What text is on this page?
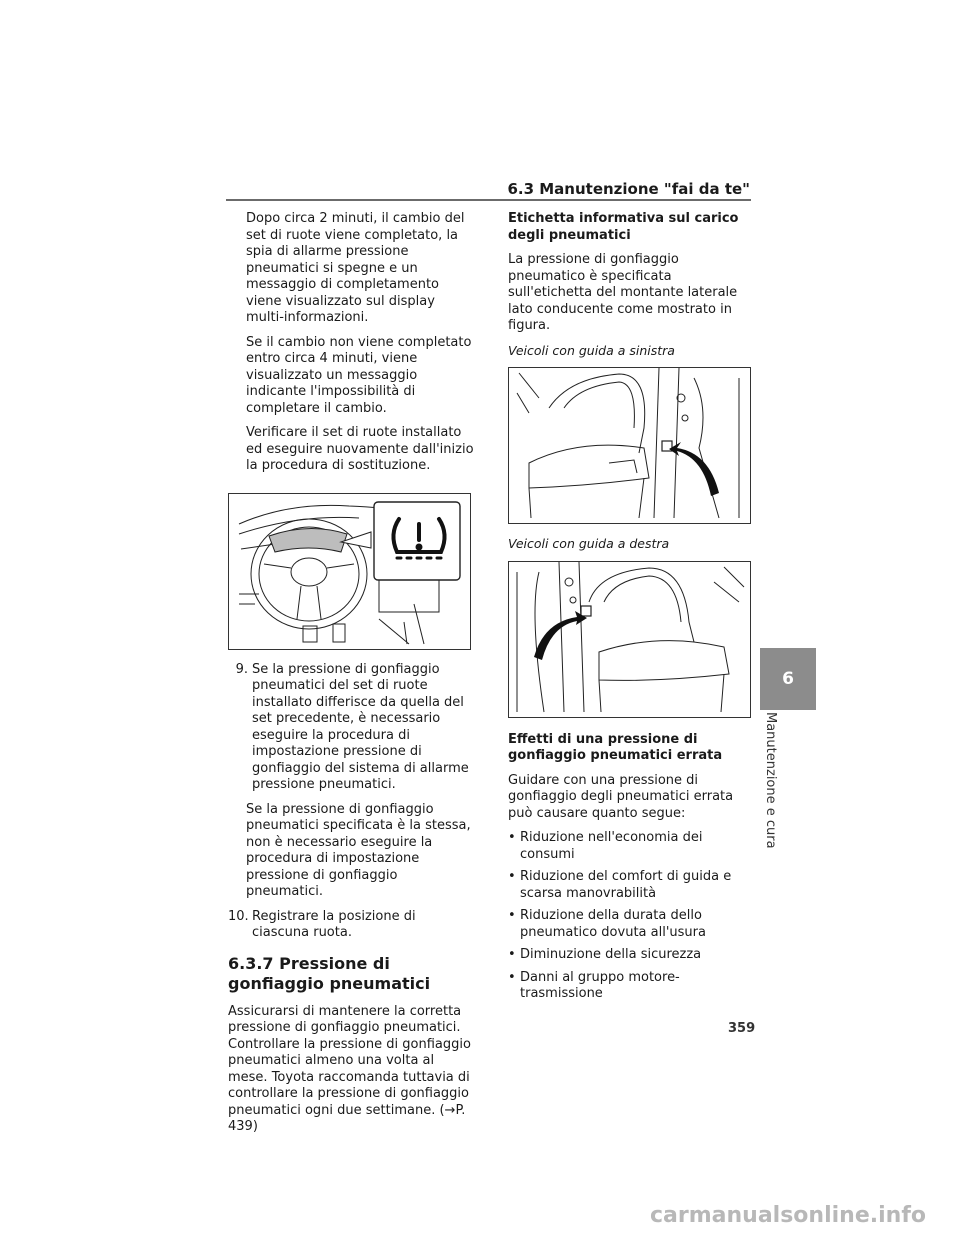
6.3 Manutenzione "fai da te"

Dopo circa 2 minuti, il cambio del set di ruote viene completato, la spia di allarme pressione pneumatici si spegne e un messaggio di completamento viene visualizzato sul display multi-informazioni.

Se il cambio non viene completato entro circa 4 minuti, viene visualizzato un messaggio indicante l'impossibilità di completare il cambio.

Verificare il set di ruote installato ed eseguire nuovamente dall'inizio la procedura di sostituzione.

9. Se la pressione di gonfiaggio pneumatici del set di ruote installato differisce da quella del set precedente, è necessario eseguire la procedura di impostazione pressione di gonfiaggio del sistema di allarme pressione pneumatici.

Se la pressione di gonfiaggio pneumatici specificata è la stessa, non è necessario eseguire la procedura di impostazione pressione di gonfiaggio pneumatici.

10. Registrare la posizione di ciascuna ruota.
6.3.7 Pressione di gonfiaggio pneumatici

Assicurarsi di mantenere la corretta pressione di gonfiaggio pneumatici. Controllare la pressione di gonfiaggio pneumatici almeno una volta al mese. Toyota raccomanda tuttavia di controllare la pressione di gonfiaggio pneumatici ogni due settimane. (→P. 439)

Etichetta informativa sul carico degli pneumatici

La pressione di gonfiaggio pneumatico è specificata sull'etichetta del montante laterale lato conducente come mostrato in figura.

Veicoli con guida a sinistra

Veicoli con guida a destra

Effetti di una pressione di gonfiaggio pneumatici errata

Guidare con una pressione di gonfiaggio degli pneumatici errata può causare quanto segue:

• Riduzione nell'economia dei consumi
• Riduzione del comfort di guida e scarsa manovrabilità
• Riduzione della durata dello pneumatico dovuta all'usura
• Diminuzione della sicurezza
• Danni al gruppo motore-trasmissione
6
Manutenzione e cura
359
carmanualsonline.info
